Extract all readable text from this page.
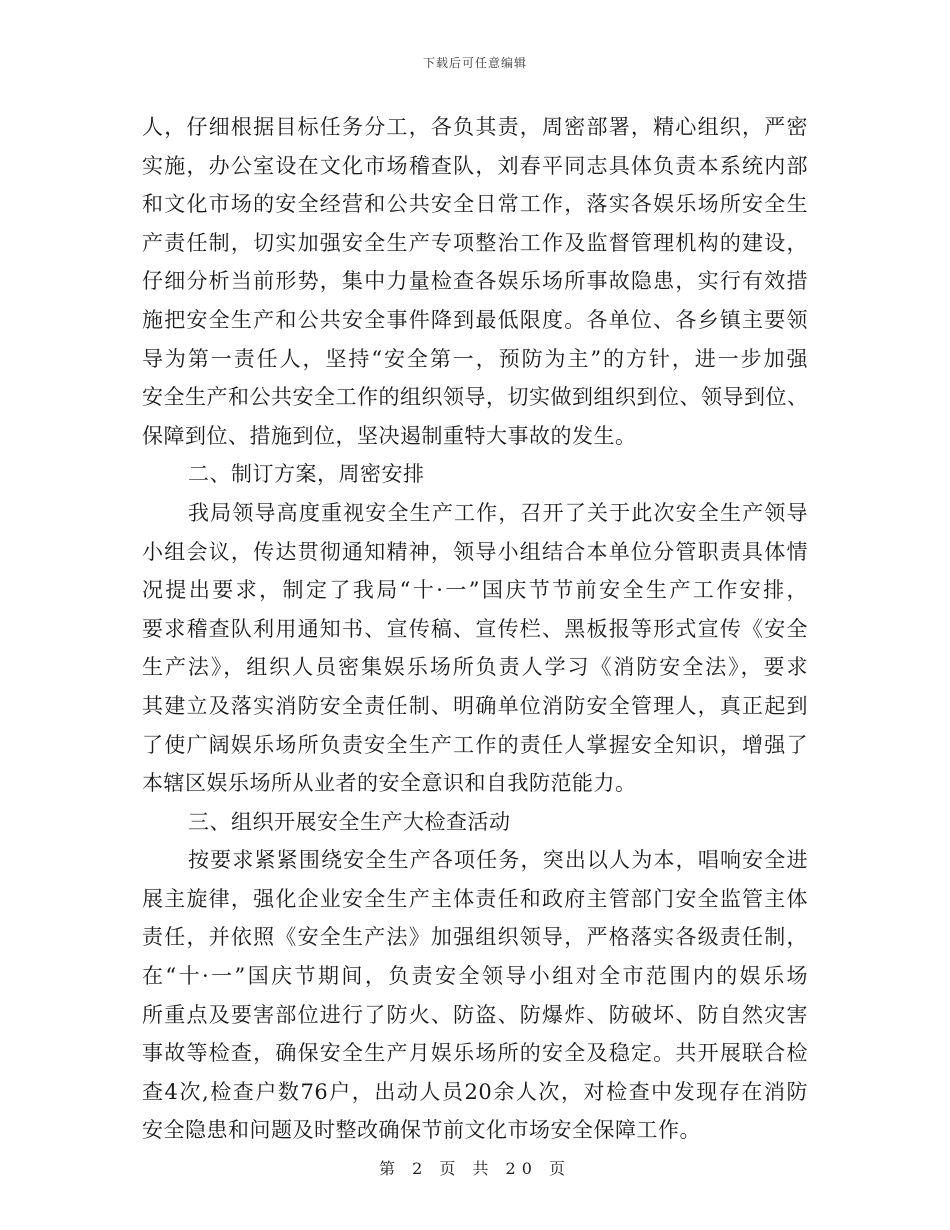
下载后可任意编辑
人，仔细根据目标任务分工，各负其责，周密部署，精心组织，严密
实施，办公室设在文化市场稽查队，刘春平同志具体负责本系统内部
和文化市场的安全经营和公共安全日常工作，落实各娱乐场所安全生
产责任制，切实加强安全生产专项整治工作及监督管理机构的建设，
仔细分析当前形势，集中力量检查各娱乐场所事故隐患，实行有效措
施把安全生产和公共安全事件降到最低限度。各单位、各乡镇主要领
导为第一责任人，坚持“安全第一，预防为主”的方针，进一步加强
安全生产和公共安全工作的组织领导，切实做到组织到位、领导到位、
保障到位、措施到位，坚决遏制重特大事故的发生。
二、制订方案，周密安排
我局领导高度重视安全生产工作，召开了关于此次安全生产领导
小组会议，传达贯彻通知精神，领导小组结合本单位分管职责具体情
况提出要求，制定了我局“十·一”国庆节节前安全生产工作安排，
要求稽查队利用通知书、宣传稿、宣传栏、黑板报等形式宣传《安全
生产法》，组织人员密集娱乐场所负责人学习《消防安全法》，要求
其建立及落实消防安全责任制、明确单位消防安全管理人，真正起到
了使广阔娱乐场所负责安全生产工作的责任人掌握安全知识，增强了
本辖区娱乐场所从业者的安全意识和自我防范能力。
三、组织开展安全生产大检查活动
按要求紧紧围绕安全生产各项任务，突出以人为本，唱响安全进
展主旋律，强化企业安全生产主体责任和政府主管部门安全监管主体
责任，并依照《安全生产法》加强组织领导，严格落实各级责任制，
在“十·一”国庆节期间，负责安全领导小组对全市范围内的娱乐场
所重点及要害部位进行了防火、防盗、防爆炸、防破坏、防自然灾害
事故等检查，确保安全生产月娱乐场所的安全及稳定。共开展联合检
查4次,检查户数76户，出动人员20余人次，对检查中发现存在消防
安全隐患和问题及时整改确保节前文化市场安全保障工作。
第 2 页 共 20 页
